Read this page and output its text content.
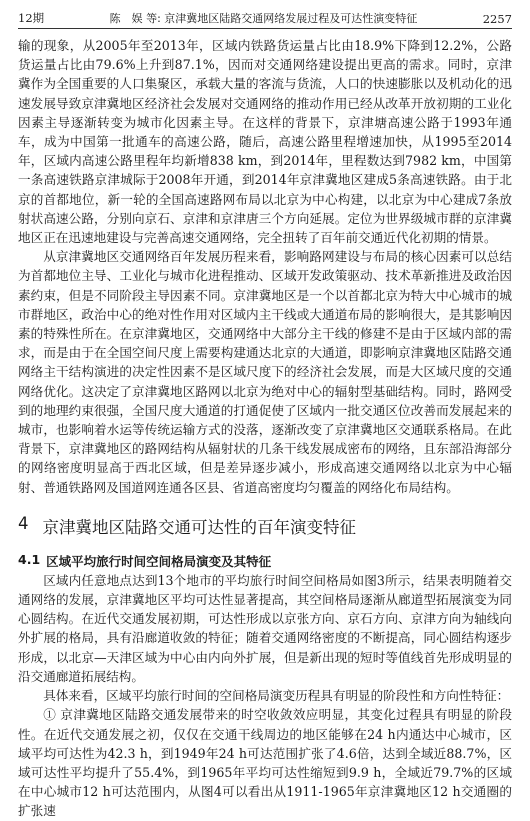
12期	陈　娱 等: 京津冀地区陆路交通网络发展过程及可达性演变特征	2257

输的现象，从2005年至2013年，区域内铁路货运量占比由18.9%下降到12.2%，公路货运量占比由79.6%上升到87.1%，因而对交通网络建设提出更高的需求。同时，京津冀作为全国重要的人口集聚区，承载大量的客流与货流，人口的快速膨胀以及机动化的迅速发展导致京津冀地区经济社会发展对交通网络的推动作用已经从改革开放初期的工业化因素主导逐渐转变为城市化因素主导。在这样的背景下，京津塘高速公路于1993年通车，成为中国第一批通车的高速公路，随后，高速公路里程增速加快，从1995至2014年，区域内高速公路里程年均新增838 km，到2014年，里程数达到7982 km，中国第一条高速铁路京津城际于2008年开通，到2014年京津冀地区建成5条高速铁路。由于北京的首都地位，新一轮的全国高速路网布局以北京为中心构建，以北京为中心建成7条放射状高速公路，分别向京石、京津和京津唐三个方向延展。定位为世界级城市群的京津冀地区正在迅速地建设与完善高速交通网络，完全扭转了百年前交通近代化初期的情景。

从京津冀地区交通网络百年发展历程来看，影响路网建设与布局的核心因素可以总结为首都地位主导、工业化与城市化进程推动、区域开发政策驱动、技术革新推进及政治因素约束，但是不同阶段主导因素不同。京津冀地区是一个以首都北京为特大中心城市的城市群地区，政治中心的绝对性作用对区域内主干线或大通道布局的影响很大，是其影响因素的特殊性所在。在京津冀地区，交通网络中大部分主干线的修建不是由于区域内部的需求，而是由于在全国空间尺度上需要构建通达北京的大通道，即影响京津冀地区陆路交通网络主干结构演进的决定性因素不是区域尺度下的经济社会发展，而是大区域尺度的交通网络优化。这决定了京津冀地区路网以北京为绝对中心的辐射型基础结构。同时，路网受到的地理约束很强，全国尺度大通道的打通促使了区域内一批交通区位改善而发展起来的城市，也影响着水运等传统运输方式的没落，逐渐改变了京津冀地区交通联系格局。在此背景下，京津冀地区的路网结构从辐射状的几条干线发展成密布的网络，且东部沿海部分的网络密度明显高于西北区域，但是差异逐步减小，形成高速交通网络以北京为中心辐射、普通铁路网及国道网连通各区县、省道高密度均匀覆盖的网络化布局结构。

4 京津冀地区陆路交通可达性的百年演变特征
4.1 区域平均旅行时间空间格局演变及其特征

区域内任意地点达到13个地市的平均旅行时间空间格局如图3所示，结果表明随着交通网络的发展，京津冀地区平均可达性显著提高，其空间格局逐渐从廊道型拓展演变为同心圆结构。在近代交通发展初期，可达性形成以京张方向、京石方向、京津方向为轴线向外扩展的格局，具有沿廊道收敛的特征；随着交通网络密度的不断提高，同心圆结构逐步形成，以北京—天津区域为中心由内向外扩展，但是新出现的短时等值线首先形成明显的沿交通廊道拓展结构。

具体来看，区域平均旅行时间的空间格局演变历程具有明显的阶段性和方向性特征：

① 京津冀地区陆路交通发展带来的时空收敛效应明显，其变化过程具有明显的阶段性。在近代交通发展之初，仅仅在交通干线周边的地区能够在24 h内通达中心城市，区域平均可达性为42.3 h，到1949年24 h可达范围扩张了4.6倍，达到全域近88.7%，区域可达性平均提升了55.4%，到1965年平均可达性缩短到9.9 h，全域近79.7%的区域在中心城市12 h可达范围内，从图4可以看出从1911-1965年京津冀地区12 h交通圈的扩张速
